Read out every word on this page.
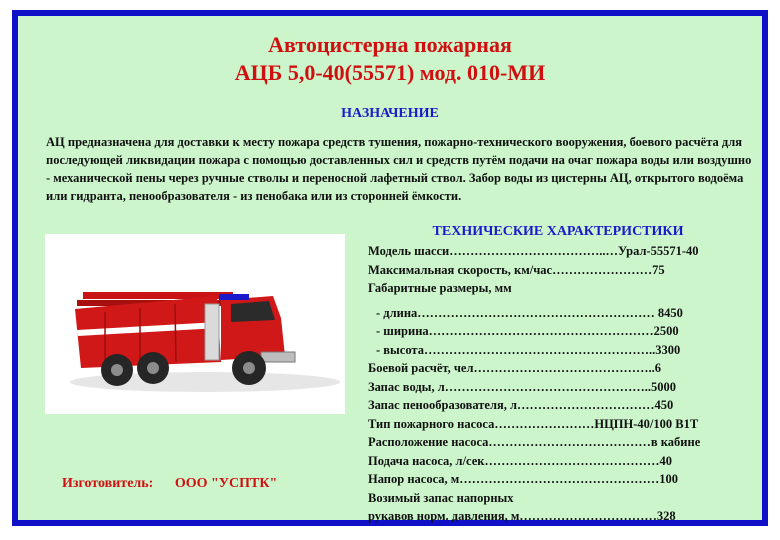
Автоцистерна пожарная
АЦБ 5,0-40(55571) мод. 010-МИ
НАЗНАЧЕНИЕ
АЦ предназначена для доставки к месту пожара средств тушения, пожарно-технического вооружения, боевого расчёта для последующей ликвидации пожара с помощью доставленных сил и средств путём подачи на очаг пожара воды или воздушно - механической пены через ручные стволы и переносной лафетный ствол. Забор воды из цистерны АЦ, открытого водоёма или гидранта, пенообразователя - из пенобака или из сторонней ёмкости.
ТЕХНИЧЕСКИЕ ХАРАКТЕРИСТИКИ
Модель шасси………………………………..…Урал-55571-40
Максимальная скорость, км/час……………………75
Габаритные размеры, мм
- длина………………………………………………… 8450
- ширина………………………………………………2500
- высота………………………………………………..3300
Боевой расчёт, чел……………………………………..6
Запас воды, л…………………………………………..5000
Запас пенообразователя, л……………………………450
Тип пожарного насоса……………………НЦПН-40/100 В1Т
Расположение насоса…………………………………в кабине
Подача насоса, л/сек……………………………………40
Напор насоса, м…………………………………………100
Возимый запас напорных
рукавов норм. давления, м……………………………328
Изготовитель: ООО "УСПТК"
